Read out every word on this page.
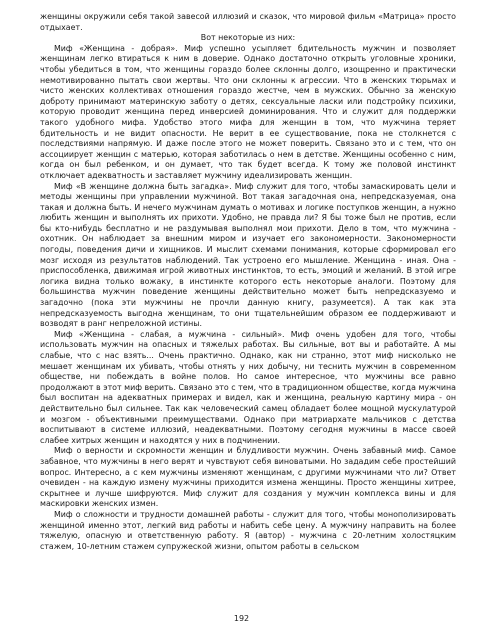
женщины окружили себя такой завесой иллюзий и сказок, что мировой фильм «Матрица» просто отдыхает.

Вот некоторые из них:

Миф «Женщина - добрая». Миф успешно усыпляет бдительность мужчин и позволяет женщинам легко втираться к ним в доверие. Однако достаточно открыть уголовные хроники, чтобы убедиться в том, что женщины гораздо более склонны долго, изощренно и практически немотивированно пытать свои жертвы. Что они склонны к агрессии. Что в женских тюрьмах и чисто женских коллективах отношения гораздо жестче, чем в мужских. Обычно за женскую доброту принимают материнскую заботу о детях, сексуальные ласки или подстройку психики, которую проводит женщина перед инверсией доминирования. Что и служит для поддержки такого удобного мифа. Удобство этого мифа для женщин в том, что мужчина теряет бдительность и не видит опасности. Не верит в ее существование, пока не столкнется с последствиями напрямую. И даже после этого не может поверить. Связано это и с тем, что он ассоциирует женщин с матерью, которая заботилась о нем в детстве. Женщины особенно с ним, когда он был ребенком, и он думает, что так будет всегда. К тому же половой инстинкт отключает адекватность и заставляет мужчину идеализировать женщин.

Миф «В женщине должна быть загадка». Миф служит для того, чтобы замаскировать цели и методы женщины при управлении мужчиной. Вот такая загадочная она, непредсказуемая, она такая и должна быть. И нечего мужчинам думать о мотивах и логике поступков женщин, а нужно любить женщин и выполнять их прихоти. Удобно, не правда ли? Я бы тоже был не против, если бы кто-нибудь бесплатно и не раздумывая выполнял мои прихоти. Дело в том, что мужчина - охотник. Он наблюдает за внешним миром и изучает его закономерности. Закономерности погоды, поведения дичи и хищников. И мыслит схемами понимания, которые сформировал его мозг исходя из результатов наблюдений. Так устроено его мышление. Женщина - иная. Она - приспособленка, движимая игрой животных инстинктов, то есть, эмоций и желаний. В этой игре логика видна только вожаку, в инстинкте которого есть некоторые аналоги. Поэтому для большинства мужчин поведение женщины действительно может быть непредсказуемо и загадочно (пока эти мужчины не прочли данную книгу, разумеется). А так как эта непредсказуемость выгодна женщинам, то они тщательнейшим образом ее поддерживают и возводят в ранг непреложной истины.

Миф «Женщина - слабая, а мужчина - сильный». Миф очень удобен для того, чтобы использовать мужчин на опасных и тяжелых работах. Вы сильные, вот вы и работайте. А мы слабые, что с нас взять... Очень практично. Однако, как ни странно, этот миф нисколько не мешает женщинам их убивать, чтобы отнять у них добычу, ни теснить мужчин в современном обществе, ни побеждать в войне полов. Но самое интересное, что мужчины все равно продолжают в этот миф верить. Связано это с тем, что в традиционном обществе, когда мужчина был воспитан на адекватных примерах и видел, как и женщина, реальную картину мира - он действительно был сильнее. Так как человеческий самец обладает более мощной мускулатурой и мозгом - объективными преимуществами. Однако при матриархате мальчиков с детства воспитывают в системе иллюзий, неадекватными. Поэтому сегодня мужчины в массе своей слабее хитрых женщин и находятся у них в подчинении.

Миф о верности и скромности женщин и блудливости мужчин. Очень забавный миф. Самое забавное, что мужчины в него верят и чувствуют себя виноватыми. Но зададим себе простейший вопрос. Интересно, а с кем мужчины изменяют женщинам, с другими мужчинами что ли? Ответ очевиден - на каждую измену мужчины приходится измена женщины. Просто женщины хитрее, скрытнее и лучше шифруются. Миф служит для создания у мужчин комплекса вины и для маскировки женских измен.

Миф о сложности и трудности домашней работы - служит для того, чтобы монополизировать женщиной именно этот, легкий вид работы и набить себе цену. А мужчину направить на более тяжелую, опасную и ответственную работу. Я (автор) - мужчина с 20-летним холостяцким стажем, 10-летним стажем супружеской жизни, опытом работы в сельском

192
